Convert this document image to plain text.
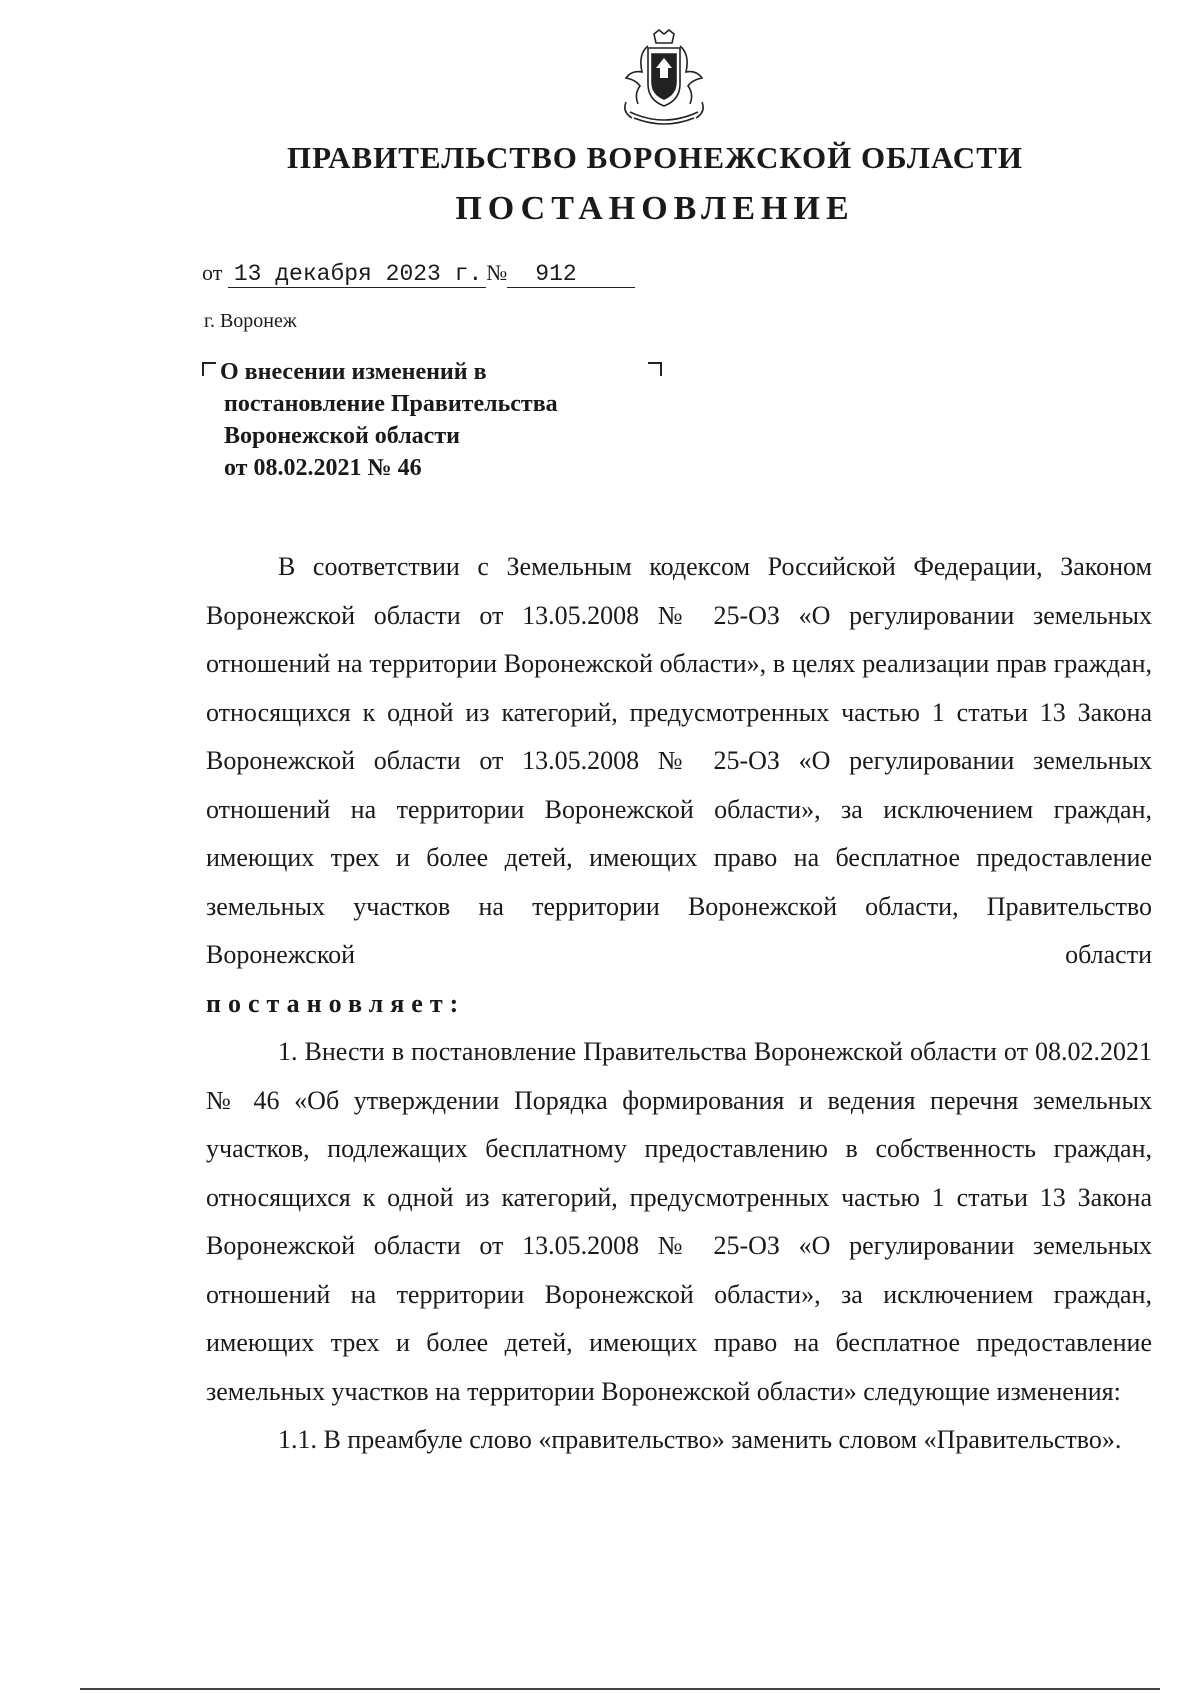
ПРАВИТЕЛЬСТВО ВОРОНЕЖСКОЙ ОБЛАСТИ
ПОСТАНОВЛЕНИЕ
от 13 декабря 2023 г. № 912
г. Воронеж
О внесении изменений в
постановление Правительства
Воронежской области
от 08.02.2021 № 46

В соответствии с Земельным кодексом Российской Федерации, Законом Воронежской области от 13.05.2008 № 25-ОЗ «О регулировании земельных отношений на территории Воронежской области», в целях реализации прав граждан, относящихся к одной из категорий, предусмотренных частью 1 статьи 13 Закона Воронежской области от 13.05.2008 № 25-ОЗ «О регулировании земельных отношений на территории Воронежской области», за исключением граждан, имеющих трех и более детей, имеющих право на бесплатное предоставление земельных участков на территории Воронежской области, Правительство Воронежской области

постановляет:

1. Внести в постановление Правительства Воронежской области от 08.02.2021 № 46 «Об утверждении Порядка формирования и ведения перечня земельных участков, подлежащих бесплатному предоставлению в собственность граждан, относящихся к одной из категорий, предусмотренных частью 1 статьи 13 Закона Воронежской области от 13.05.2008 № 25-ОЗ «О регулировании земельных отношений на территории Воронежской области», за исключением граждан, имеющих трех и более детей, имеющих право на бесплатное предоставление земельных участков на территории Воронежской области» следующие изменения:

1.1. В преамбуле слово «правительство» заменить словом «Правительство».
